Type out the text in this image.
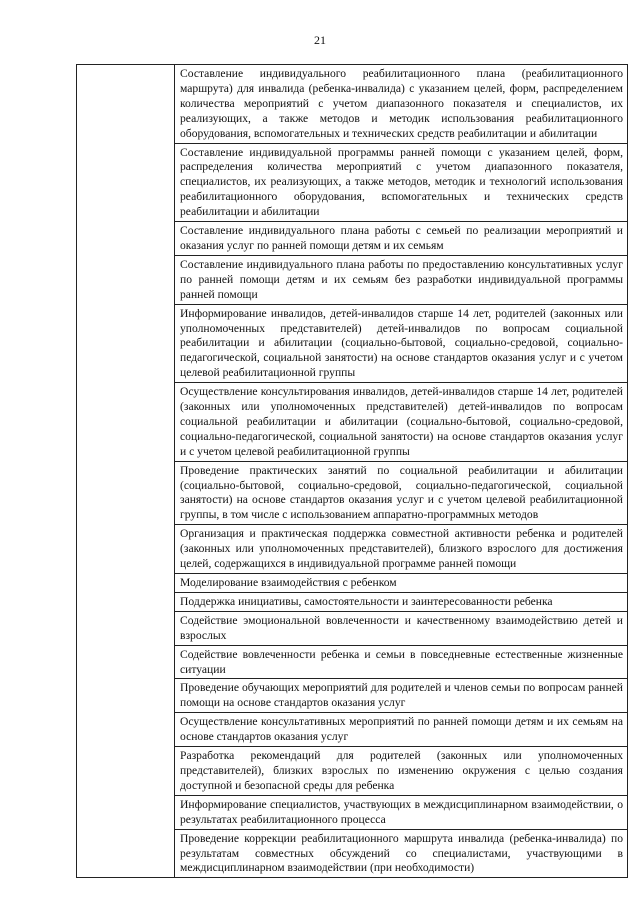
21

Составление индивидуального реабилитационного плана (реабилитационного маршрута) для инвалида (ребенка-инвалида) с указанием целей, форм, распределением количества мероприятий с учетом диапазонного показателя и специалистов, их реализующих, а также методов и методик использования реабилитационного оборудования, вспомогательных и технических средств реабилитации и абилитации

Составление индивидуальной программы ранней помощи с указанием целей, форм, распределения количества мероприятий с учетом диапазонного показателя, специалистов, их реализующих, а также методов, методик и технологий использования реабилитационного оборудования, вспомогательных и технических средств реабилитации и абилитации

Составление индивидуального плана работы с семьей по реализации мероприятий и оказания услуг по ранней помощи детям и их семьям

Составление индивидуального плана работы по предоставлению консультативных услуг по ранней помощи детям и их семьям без разработки индивидуальной программы ранней помощи

Информирование инвалидов, детей-инвалидов старше 14 лет, родителей (законных или уполномоченных представителей) детей-инвалидов по вопросам социальной реабилитации и абилитации (социально-бытовой, социально-средовой, социально-педагогической, социальной занятости) на основе стандартов оказания услуг и с учетом целевой реабилитационной группы

Осуществление консультирования инвалидов, детей-инвалидов старше 14 лет, родителей (законных или уполномоченных представителей) детей-инвалидов по вопросам социальной реабилитации и абилитации (социально-бытовой, социально-средовой, социально-педагогической, социальной занятости) на основе стандартов оказания услуг и с учетом целевой реабилитационной группы

Проведение практических занятий по социальной реабилитации и абилитации (социально-бытовой, социально-средовой, социально-педагогической, социальной занятости) на основе стандартов оказания услуг и с учетом целевой реабилитационной группы, в том числе с использованием аппаратно-программных методов

Организация и практическая поддержка совместной активности ребенка и родителей (законных или уполномоченных представителей), близкого взрослого для достижения целей, содержащихся в индивидуальной программе ранней помощи

Моделирование взаимодействия с ребенком

Поддержка инициативы, самостоятельности и заинтересованности ребенка

Содействие эмоциональной вовлеченности и качественному взаимодействию детей и взрослых

Содействие вовлеченности ребенка и семьи в повседневные естественные жизненные ситуации

Проведение обучающих мероприятий для родителей и членов семьи по вопросам ранней помощи на основе стандартов оказания услуг

Осуществление консультативных мероприятий по ранней помощи детям и их семьям на основе стандартов оказания услуг

Разработка рекомендаций для родителей (законных или уполномоченных представителей), близких взрослых по изменению окружения с целью создания доступной и безопасной среды для ребенка

Информирование специалистов, участвующих в междисциплинарном взаимодействии, о результатах реабилитационного процесса

Проведение коррекции реабилитационного маршрута инвалида (ребенка-инвалида) по результатам совместных обсуждений со специалистами, участвующими в междисциплинарном взаимодействии (при необходимости)
